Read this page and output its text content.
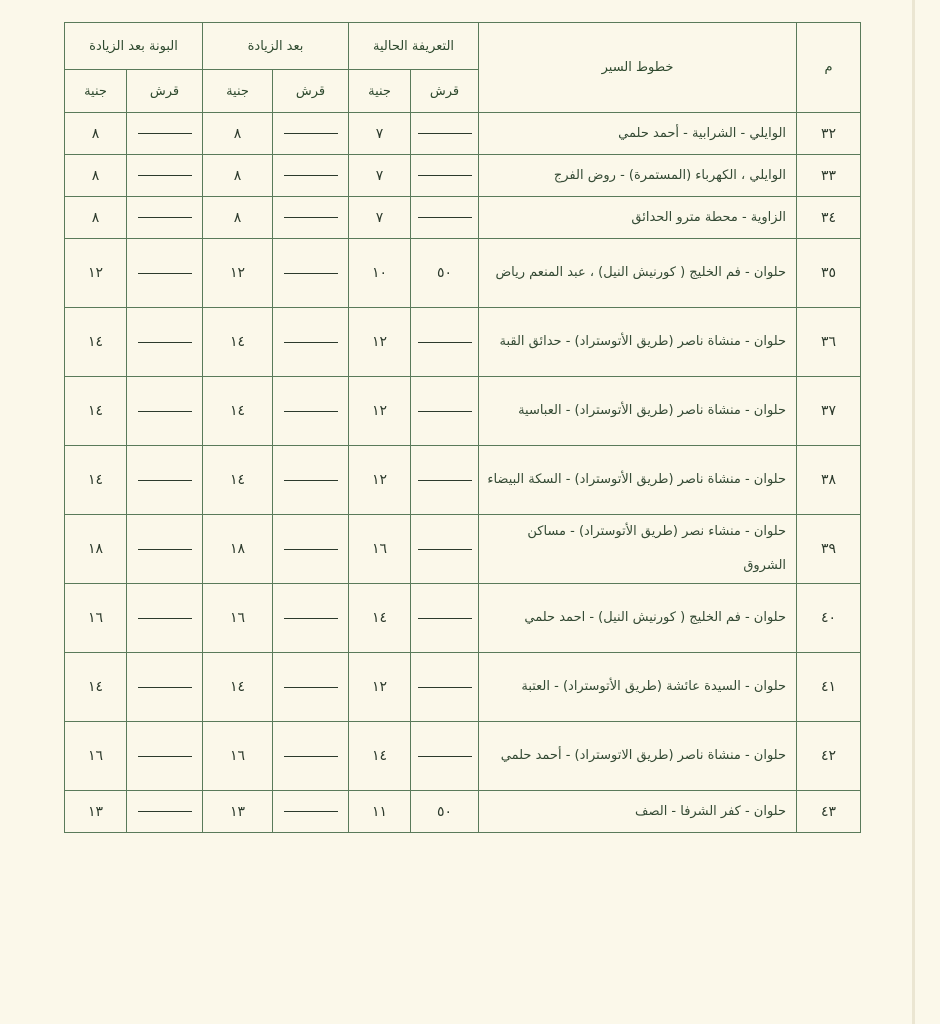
م	خطوط السير	التعريفة الحالية		بعد الزيادة		البونة بعد الزيادة	
		قرش	جنية	قرش	جنية	قرش	جنية
٣٢	الوايلي - الشرابية - أحمد حلمي		٧		٨		٨
٣٣	الوايلي ، الكهرباء (المستمرة) - روض الفرج		٧		٨		٨
٣٤	الزاوية - محطة مترو الحدائق		٧		٨		٨
٣٥	حلوان - فم الخليج ( كورنيش النيل) ، عبد المنعم رياض	٥٠	١٠		١٢		١٢
٣٦	حلوان - منشاة ناصر (طريق الأتوستراد) - حدائق القبة		١٢		١٤		١٤
٣٧	حلوان - منشاة ناصر (طريق الأتوستراد) - العباسية		١٢		١٤		١٤
٣٨	حلوان - منشاة ناصر (طريق الأتوستراد) - السكة البيضاء		١٢		١٤		١٤
٣٩	حلوان - منشاء نصر (طريق الأتوستراد) - مساكن الشروق		١٦		١٨		١٨
٤٠	حلوان - فم الخليج ( كورنيش النيل) - احمد حلمي		١٤		١٦		١٦
٤١	حلوان - السيدة عائشة (طريق الأتوستراد) - العتبة		١٢		١٤		١٤
٤٢	حلوان - منشاة ناصر (طريق الاتوستراد) - أحمد حلمي		١٤		١٦		١٦
٤٣	حلوان - كفر الشرفا - الصف	٥٠	١١		١٣		١٣
